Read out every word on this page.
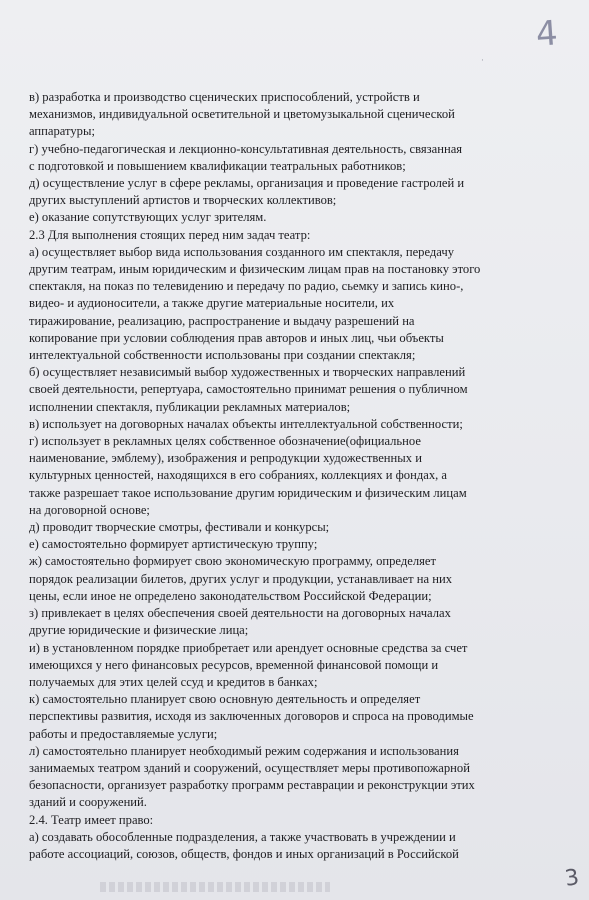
4
·
в) разработка и производство сценических приспособлений, устройств и
механизмов, индивидуальной осветительной и цветомузыкальной сценической
аппаратуры;
г) учебно-педагогическая и лекционно-консультативная деятельность, связанная
с подготовкой и повышением квалификации театральных работников;
д) осуществление услуг в сфере рекламы, организация и проведение гастролей и
других выступлений артистов и творческих коллективов;
е) оказание сопутствующих услуг зрителям.
2.3 Для выполнения стоящих перед ним задач театр:
а) осуществляет выбор вида использования созданного им спектакля, передачу
другим театрам, иным юридическим и физическим лицам прав на постановку этого
спектакля, на показ по телевидению и передачу по радио, сьемку и запись кино-,
видео- и аудионосители, а также другие материальные носители, их
тиражирование, реализацию, распространение и выдачу разрешений на
копирование при условии соблюдения прав авторов и иных лиц, чьи объекты
интелектуальной собственности использованы при создании спектакля;
б) осуществляет независимый выбор художественных и творческих направлений
своей деятельности, репертуара, самостоятельно принимат решения о публичном
исполнении спектакля, публикации рекламных материалов;
в) использует на договорных началах объекты интеллектуальной собственности;
г) использует в рекламных целях собственное обозначение(официальное
наименование, эмблему), изображения и репродукции художественных и
культурных ценностей, находящихся в его собраниях, коллекциях и фондах, а
также разрешает такое использование другим юридическим и физическим лицам
на договорной основе;
д) проводит творческие смотры, фестивали и конкурсы;
е) самостоятельно формирует артистическую труппу;
ж) самостоятельно формирует свою экономическую программу, определяет
порядок реализации билетов, других услуг и продукции, устанавливает на них
цены, если иное не определено законодательством Российской Федерации;
з) привлекает в целях обеспечения своей деятельности на договорных началах
другие юридические и физические лица;
и) в установленном порядке приобретает или арендует основные средства за счет
имеющихся у него финансовых ресурсов, временной финансовой помощи и
получаемых для этих целей ссуд и кредитов в банках;
к) самостоятельно планирует свою основную деятельность и определяет
перспективы развития, исходя из заключенных договоров и спроса на проводимые
работы и предоставляемые услуги;
л) самостоятельно планирует необходимый режим содержания и использования
занимаемых театром зданий и сооружений, осуществляет меры противопожарной
безопасности, организует разработку программ реставрации и реконструкции этих
зданий и сооружений.
2.4. Театр имеет право:
а) создавать обособленные подразделения, а также участвовать в учреждении и
работе ассоциаций, союзов, обществ, фондов и иных организаций в Российской
3
